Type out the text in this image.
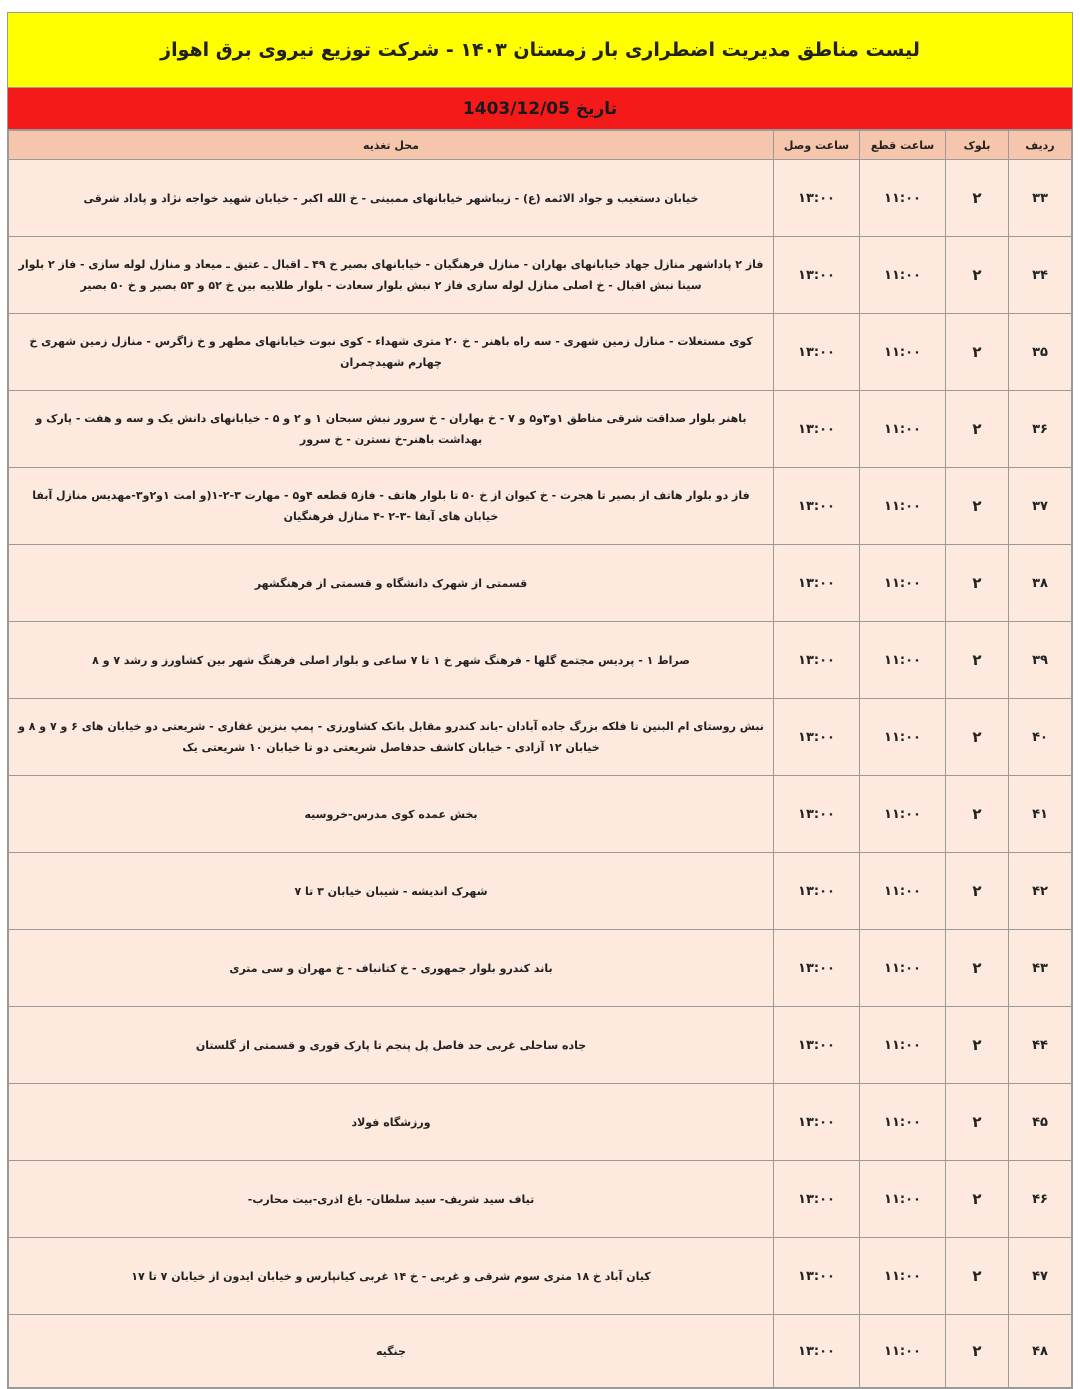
لیست مناطق مدیریت اضطراری بار زمستان ۱۴۰۳ - شرکت توزیع نیروی برق اهواز
تاریخ 1403/12/05
ردیف	بلوک	ساعت قطع	ساعت وصل	محل تغذیه
۳۳	۲	۱۱:۰۰	۱۳:۰۰	خیابان دستغیب و جواد الائمه (ع) - زیباشهر خیابانهای ممبینی - خ الله اکبر - خیابان شهید خواجه نژاد و پاداد شرقی
۳۴	۲	۱۱:۰۰	۱۳:۰۰	فاز ۲ پاداشهر منازل جهاد خیابانهای بهاران - منازل فرهنگیان - خیابانهای بصیر خ ۴۹ ـ اقبال ـ عتیق ـ میعاد و منازل لوله سازی - فاز ۲ بلوار سینا نبش اقبال - خ اصلی منازل لوله سازی فاز ۲ نبش بلوار سعادت - بلوار طلاییه بین خ ۵۲ و ۵۳ بصیر و خ ۵۰ بصیر
۳۵	۲	۱۱:۰۰	۱۳:۰۰	کوی مستغلات - منازل زمین شهری - سه راه باهنر - خ ۲۰ متری شهداء - کوی نبوت خیابانهای مطهر و خ زاگرس - منازل زمین شهری خ چهارم شهیدچمران
۳۶	۲	۱۱:۰۰	۱۳:۰۰	باهنر بلوار صداقت شرقی مناطق ۱و۳و۵ و ۷ - خ بهاران - خ سرور نبش سبحان ۱ و ۲ و ۵ - خیابانهای دانش یک و سه و هفت - پارک و بهداشت باهنر-خ نسترن - خ سرور
۳۷	۲	۱۱:۰۰	۱۳:۰۰	فاز دو بلوار هاتف از بصیر تا هجرت - خ کیوان از خ ۵۰ تا بلوار هاتف - فاز۵ قطعه ۴و۵ - مهارت ۳-۲-۱(و امت ۱و۲و۳-مهدیس منازل آبفا خیابان های آبفا -۳-۲ -۴ منازل فرهنگیان
۳۸	۲	۱۱:۰۰	۱۳:۰۰	قسمتی از شهرک دانشگاه و قسمتی از فرهنگشهر
۳۹	۲	۱۱:۰۰	۱۳:۰۰	صراط ۱ - پردیس مجتمع گلها - فرهنگ شهر خ ۱ تا ۷ ساعی و بلوار اصلی فرهنگ شهر بین کشاورز و رشد ۷ و ۸
۴۰	۲	۱۱:۰۰	۱۳:۰۰	نبش روستای ام البنین تا فلکه بزرگ جاده آبادان -باند کندرو مقابل بانک کشاورزی - پمپ بنزین غفاری - شریعتی دو خیابان های ۶ و ۷ و ۸ و خیابان ۱۲ آزادی - خیابان کاشف حدفاصل شریعتی دو تا خیابان ۱۰ شریعتی یک
۴۱	۲	۱۱:۰۰	۱۳:۰۰	بخش عمده کوی مدرس-خروسیه
۴۲	۲	۱۱:۰۰	۱۳:۰۰	شهرک اندیشه - شیبان خیابان ۳ تا ۷
۴۳	۲	۱۱:۰۰	۱۳:۰۰	باند کندرو بلوار جمهوری - خ کتانباف - خ مهران و سی متری
۴۴	۲	۱۱:۰۰	۱۳:۰۰	جاده ساحلی غربی حد فاصل پل پنجم تا پارک قوری و قسمتی از گلستان
۴۵	۲	۱۱:۰۰	۱۳:۰۰	ورزشگاه فولاد
۴۶	۲	۱۱:۰۰	۱۳:۰۰	تیاف سید شریف- سید سلطان- باغ اذری-بیت محارب-
۴۷	۲	۱۱:۰۰	۱۳:۰۰	کیان آباد خ ۱۸ متری سوم شرقی و غربی - خ ۱۴ غربی کیانپارس و خیابان ایدون از خیابان ۷ تا ۱۷
۴۸	۲	۱۱:۰۰	۱۳:۰۰	جنگیه
